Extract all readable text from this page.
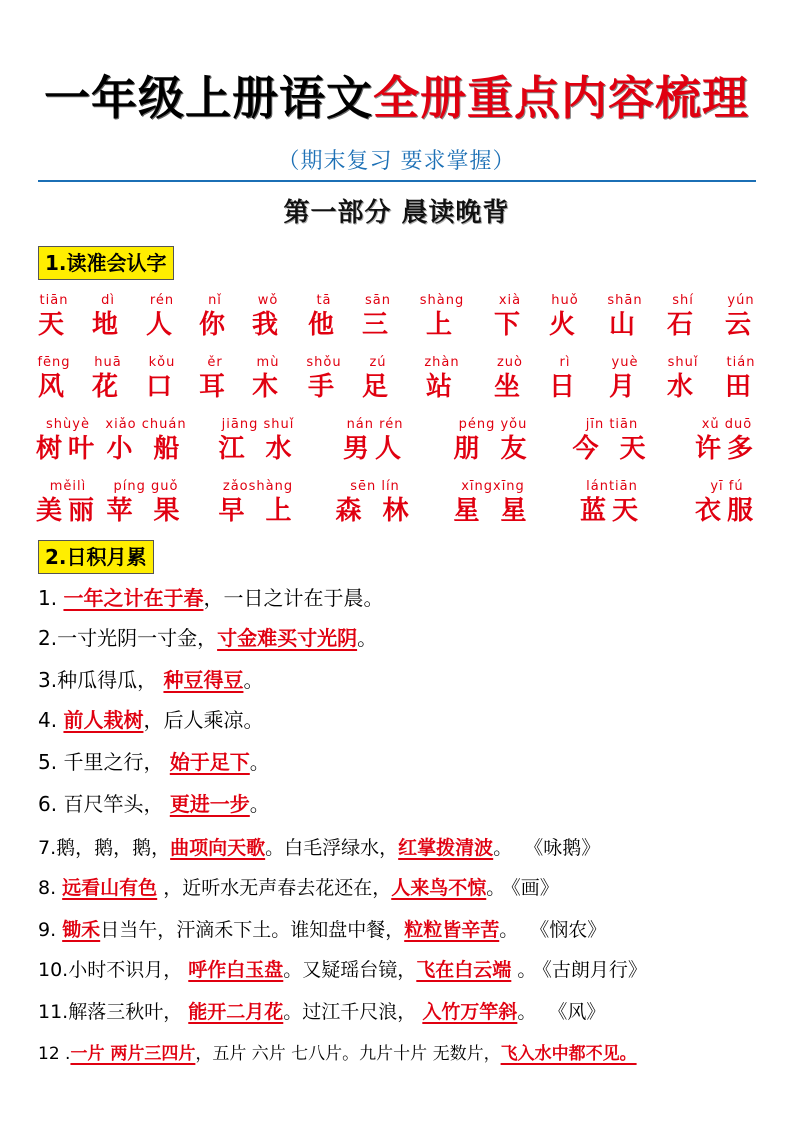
一年级上册语文全册重点内容梳理
（期末复习 要求掌握）
第一部分 晨读晚背
1.读准会认字
tiān
天
dì
地
rén
人
nǐ
你
wǒ
我
tā
他
sān
三
shàng
上
xià
下
huǒ
火
shān
山
shí
石
yún
云
fēng
风
huā
花
kǒu
口
ěr
耳
mù
木
shǒu
手
zú
足
zhàn
站
zuò
坐
rì
日
yuè
月
shuǐ
水
tián
田
shùyè
树叶
xiǎo chuán
小 船
jiāng shuǐ
江 水
nán rén
男人
péng yǒu
朋 友
jīn tiān
今 天
xǔ duō
许多
měilì
美丽
píng guǒ
苹 果
zǎoshàng
早 上
sēn lín
森 林
xīngxīng
星 星
lántiān
蓝天
yī fú
衣服
2.日积月累
1. 一年之计在于春，一日之计在于晨。
2.一寸光阴一寸金，寸金难买寸光阴。
3.种瓜得瓜， 种豆得豆。
4. 前人栽树，后人乘凉。
5. 千里之行， 始于足下。
6. 百尺竿头， 更进一步。
7.鹅，鹅，鹅，曲项向天歌。白毛浮绿水，红掌拨清波。 《咏鹅》
8. 远看山有色 ，近听水无声春去花还在，人来鸟不惊。 《画》
9. 锄禾日当午，汗滴禾下土。谁知盘中餐，粒粒皆辛苦。 《悯农》
10.小时不识月， 呼作白玉盘。又疑瑶台镜，飞在白云端 。 《古朗月行》
11.解落三秋叶， 能开二月花。过江千尺浪， 入竹万竿斜。 《风》
12 .一片 两片三四片，五片 六片 七八片。九片十片 无数片，飞入水中都不见。
